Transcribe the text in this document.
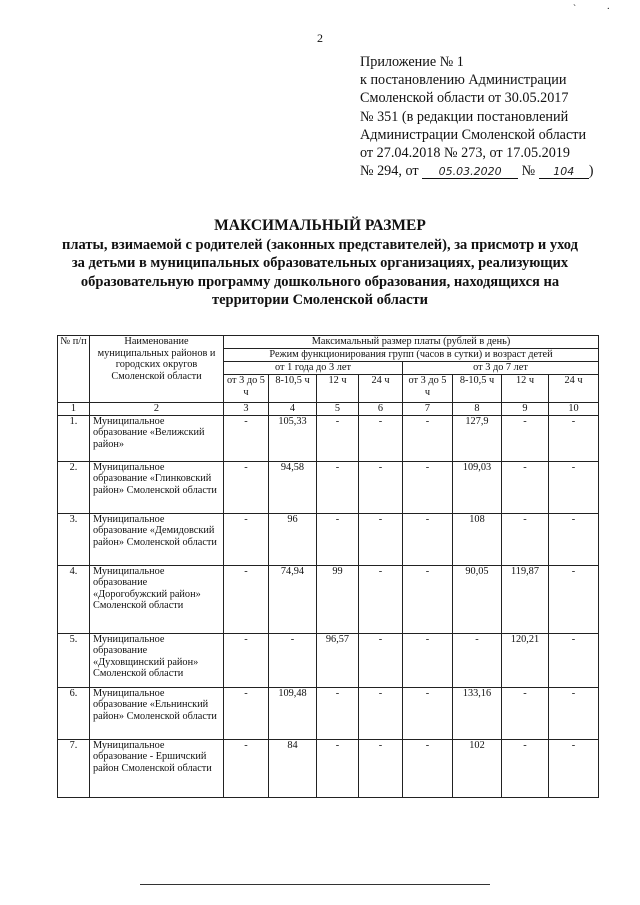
` ·
2
Приложение № 1
к постановлению Администрации
Смоленской области от 30.05.2017
№ 351 (в редакции постановлений
Администрации Смоленской области
от 27.04.2018 № 273, от 17.05.2019
№ 294, от 05.03.2020 № 104 )
МАКСИМАЛЬНЫЙ РАЗМЕР
платы, взимаемой с родителей (законных представителей), за присмотр и уход
за детьми в муниципальных образовательных организациях, реализующих
образовательную программу дошкольного образования, находящихся на
территории Смоленской области
№ п/п	Наименование муниципальных районов и городских округов Смоленской области	Максимальный размер платы (рублей в день)							
		Режим функционирования групп (часов в сутки) и возраст детей							
		от 1 года до 3 лет				от 3 до 7 лет			
		от 3 до 5 ч	8-10,5 ч	12 ч	24 ч	от 3 до 5 ч	8-10,5 ч	12 ч	24 ч
1	2	3	4	5	6	7	8	9	10
1.	Муниципальное образование «Велижский район»	-	105,33	-	-	-	127,9	-	-
2.	Муниципальное образование «Глинковский район» Смоленской области	-	94,58	-	-	-	109,03	-	-
3.	Муниципальное образование «Демидовский район» Смоленской области	-	96	-	-	-	108	-	-
4.	Муниципальное образование «Дорогобужский район» Смоленской области	-	74,94	99	-	-	90,05	119,87	-
5.	Муниципальное образование «Духовщинский район» Смоленской области	-	-	96,57	-	-	-	120,21	-
6.	Муниципальное образование «Ельнинский район» Смоленской области	-	109,48	-	-	-	133,16	-	-
7.	Муниципальное образование - Ершичский район Смоленской области	-	84	-	-	-	102	-	-
